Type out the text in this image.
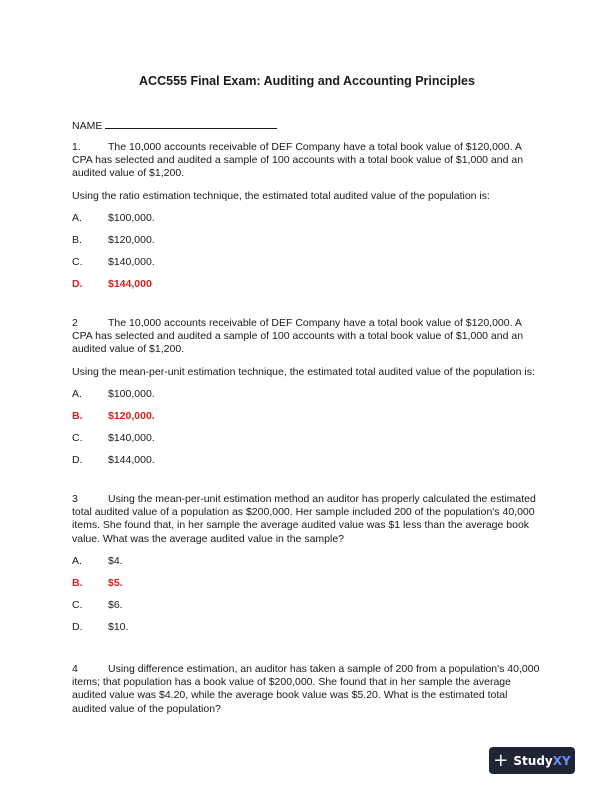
ACC555 Final Exam: Auditing and Accounting Principles
NAME

1.	The 10,000 accounts receivable of DEF Company have a total book value of $120,000. A CPA has selected and audited a sample of 100 accounts with a total book value of $1,000 and an audited value of $1,200.

Using the ratio estimation technique, the estimated total audited value of the population is:

A. $100,000.
B. $120,000.
C. $140,000.
D. $144,000

2	The 10,000 accounts receivable of DEF Company have a total book value of $120,000. A CPA has selected and audited a sample of 100 accounts with a total book value of $1,000 and an audited value of $1,200.

Using the mean-per-unit estimation technique, the estimated total audited value of the population is:

A. $100,000.
B. $120,000.
C. $140,000.
D. $144,000.

3	Using the mean-per-unit estimation method an auditor has properly calculated the estimated total audited value of a population as $200,000. Her sample included 200 of the population's 40,000 items. She found that, in her sample the average audited value was $1 less than the average book value. What was the average audited value in the sample?

A. $4.
B. $5.
C. $6.
D. $10.

4	Using difference estimation, an auditor has taken a sample of 200 from a population's 40,000 items; that population has a book value of $200,000. She found that in her sample the average audited value was $4.20, while the average book value was $5.20. What is the estimated total audited value of the population?

+ Study XY
